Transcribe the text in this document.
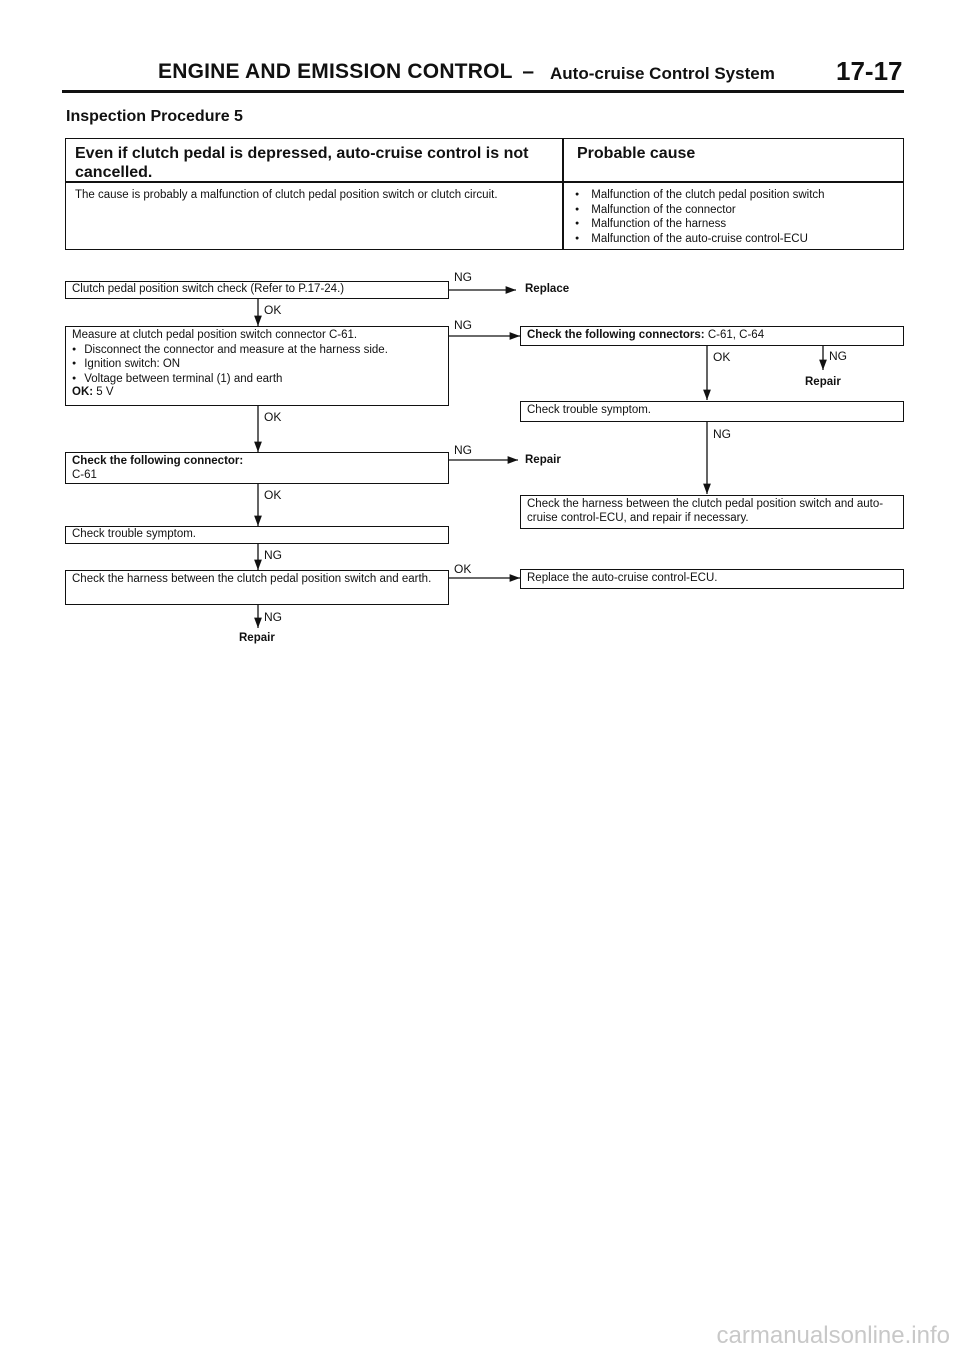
ENGINE AND EMISSION CONTROL – Auto-cruise Control System 17-17
Inspection Procedure 5
Even if clutch pedal is depressed, auto-cruise control is not cancelled.
Probable cause
The cause is probably a malfunction of clutch pedal position switch or clutch circuit.
●	Malfunction of the clutch pedal position switch
● Malfunction of the connector
● Malfunction of the harness
● Malfunction of the auto-cruise control-ECU
Clutch pedal position switch check (Refer to P.17-24.)
Measure at clutch pedal position switch connector C-61.
● Disconnect the connector and measure at the harness side.
● Ignition switch: ON
● Voltage between terminal (1) and earth
OK: 5 V
Check the following connector:
C-61
Check trouble symptom.
Check the harness between the clutch pedal position switch and earth.
Check the following connectors: C-61, C-64
Check trouble symptom.
Check the harness between the clutch pedal position switch and auto-cruise control-ECU, and repair if necessary.
Replace the auto-cruise control-ECU.
NG
Replace
OK
NG
OK
NG
Repair
OK
NG
OK
NG
Repair
OK	NG
Repair
NG
carmanualsonline.info
